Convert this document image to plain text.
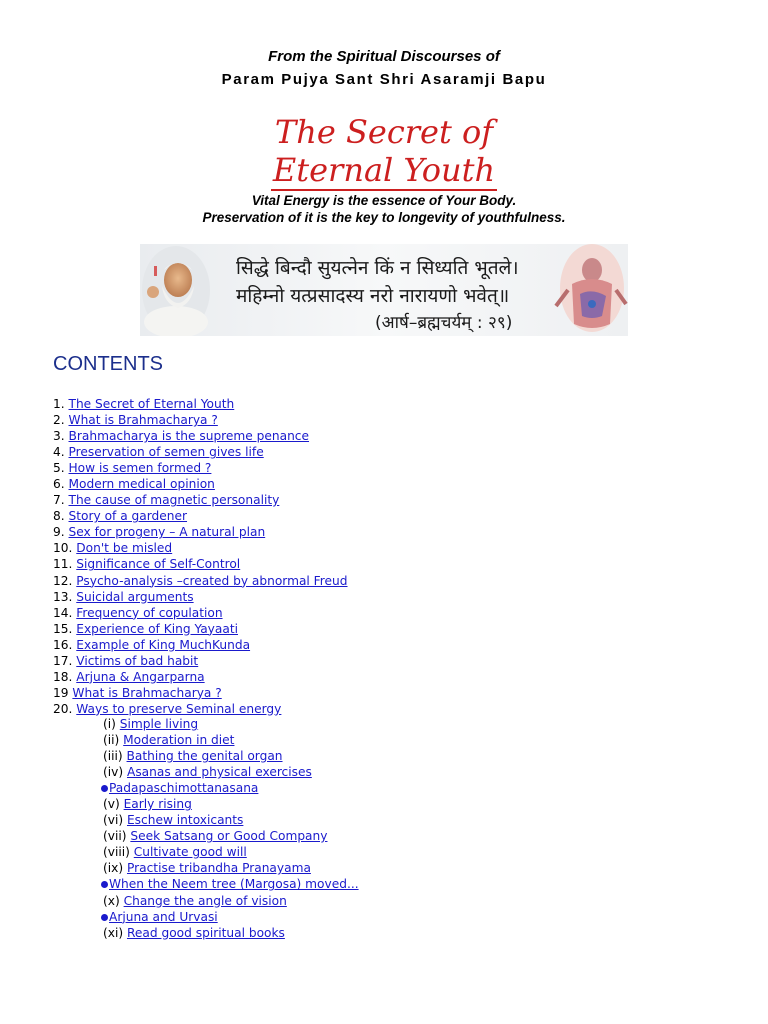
From the Spiritual Discourses of
Param Pujya Sant Shri Asaramji Bapu
The Secret of
Eternal Youth
Vital Energy is the essence of Your Body.
Preservation of it is the key to longevity of youthfulness.
सिद्धे बिन्दौ सुयत्नेन किं न सिध्यति भूतले।
महिम्नो यत्प्रसादस्य नरो नारायणो भवेत्॥
(आर्ष–ब्रह्मचर्यम् : २९)
CONTENTS
1. The Secret of Eternal Youth
2. What is Brahmacharya ?
3. Brahmacharya is the supreme penance
4. Preservation of semen gives life
5. How is semen formed ?
6. Modern medical opinion
7. The cause of magnetic personality
8. Story of a gardener
9. Sex for progeny – A natural plan
10. Don't be misled
11. Significance of Self-Control
12. Psycho-analysis –created by abnormal Freud
13. Suicidal arguments
14. Frequency of copulation
15. Experience of King Yayaati
16. Example of King MuchKunda
17. Victims of bad habit
18. Arjuna & Angarparna
19 What is Brahmacharya ?
20. Ways to preserve Seminal energy
(i) Simple living
(ii) Moderation in diet
(iii) Bathing the genital organ
(iv) Asanas and physical exercises
Padapaschimottanasana
(v) Early rising
(vi) Eschew intoxicants
(vii) Seek Satsang or Good Company
(viii) Cultivate good will
(ix) Practise tribandha Pranayama
When the Neem tree (Margosa) moved...
(x) Change the angle of vision
Arjuna and Urvasi
(xi) Read good spiritual books
